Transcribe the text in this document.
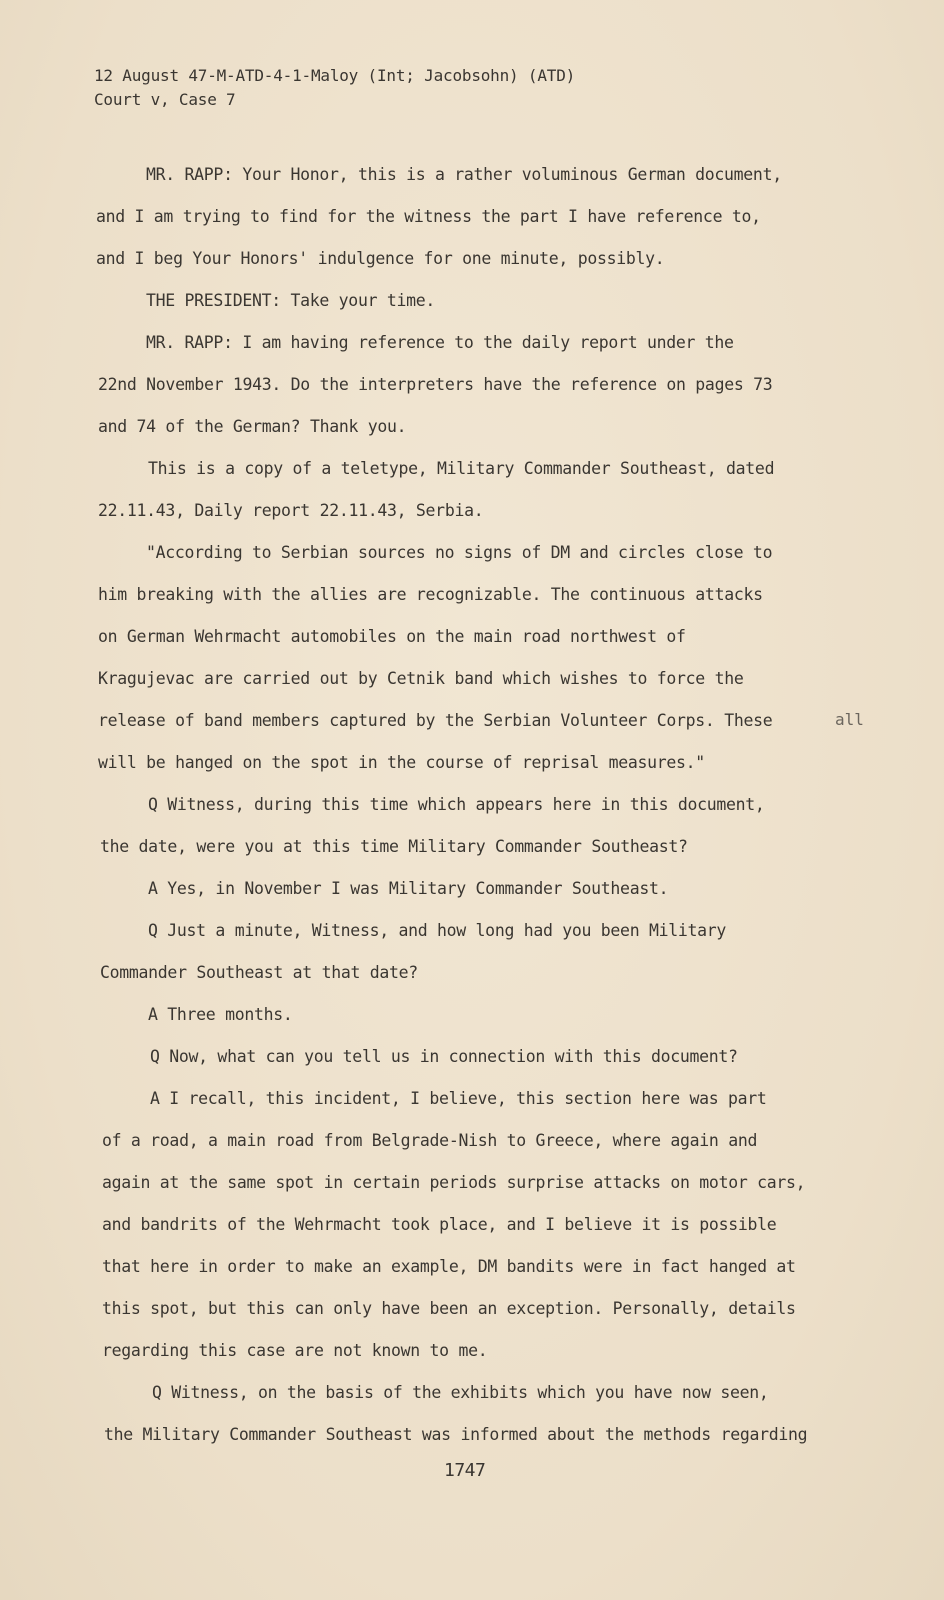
12 August 47-M-ATD-4-1-Maloy (Int; Jacobsohn) (ATD)
Court v, Case 7
MR. RAPP: Your Honor, this is a rather voluminous German document,
and I am trying to find for the witness the part I have reference to,
and I beg Your Honors' indulgence for one minute, possibly.
THE PRESIDENT: Take your time.
MR. RAPP: I am having reference to the daily report under the
22nd November 1943. Do the interpreters have the reference on pages 73
and 74 of the German? Thank you.
This is a copy of a teletype, Military Commander Southeast, dated
22.11.43, Daily report 22.11.43, Serbia.
"According to Serbian sources no signs of DM and circles close to
him breaking with the allies are recognizable. The continuous attacks
on German Wehrmacht automobiles on the main road northwest of
Kragujevac are carried out by Cetnik band which wishes to force the
release of band members captured by the Serbian Volunteer Corps. These
will be hanged on the spot in the course of reprisal measures."
Q Witness, during this time which appears here in this document,
the date, were you at this time Military Commander Southeast?
A Yes, in November I was Military Commander Southeast.
Q Just a minute, Witness, and how long had you been Military
Commander Southeast at that date?
A Three months.
Q Now, what can you tell us in connection with this document?
A I recall, this incident, I believe, this section here was part
of a road, a main road from Belgrade-Nish to Greece, where again and
again at the same spot in certain periods surprise attacks on motor cars,
and bandrits of the Wehrmacht took place, and I believe it is possible
that here in order to make an example, DM bandits were in fact hanged at
this spot, but this can only have been an exception. Personally, details
regarding this case are not known to me.
Q Witness, on the basis of the exhibits which you have now seen,
the Military Commander Southeast was informed about the methods regarding
all
1747
